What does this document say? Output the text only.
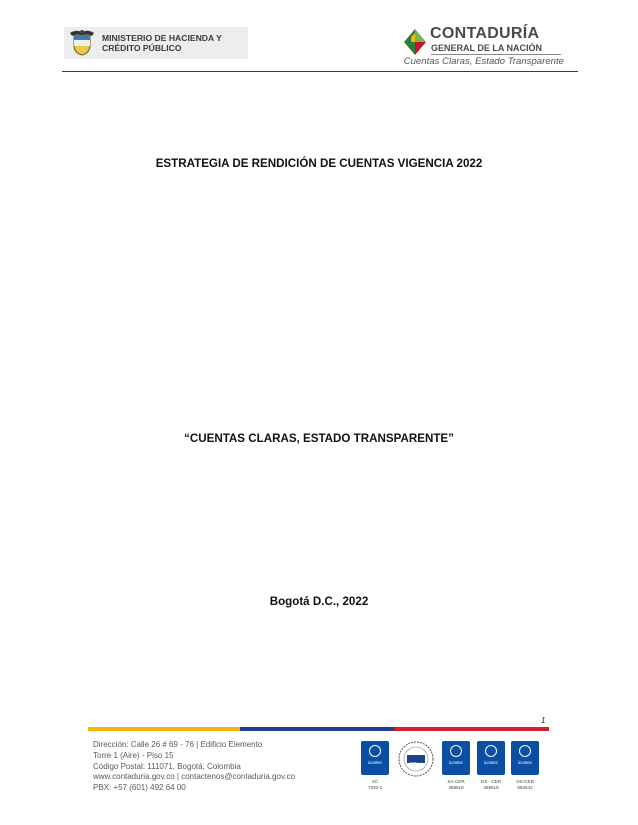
MINISTERIO DE HACIENDA Y
CRÉDITO PÚBLICO
CONTADURÍA
GENERAL DE LA NACIÓN
Cuentas Claras, Estado Transparente
ESTRATEGIA DE RENDICIÓN DE CUENTAS VIGENCIA 2022
“CUENTAS CLARAS, ESTADO TRANSPARENTE”
Bogotá D.C., 2022
1
Dirección: Calle 26 # 69 - 76 | Edificio Elemento
Torre 1 (Aire) - Piso 15
Código Postal: 111071, Bogotá, Colombia
www.contaduria.gov.co | contactenos@contaduria.gov.co
PBX: +57 (601) 492 64 00
icontec
SC
7320-1
IQNet	icontec
SA-CER
369516
icontec
DS - CER
369518
icontec
OS-CER
682642
